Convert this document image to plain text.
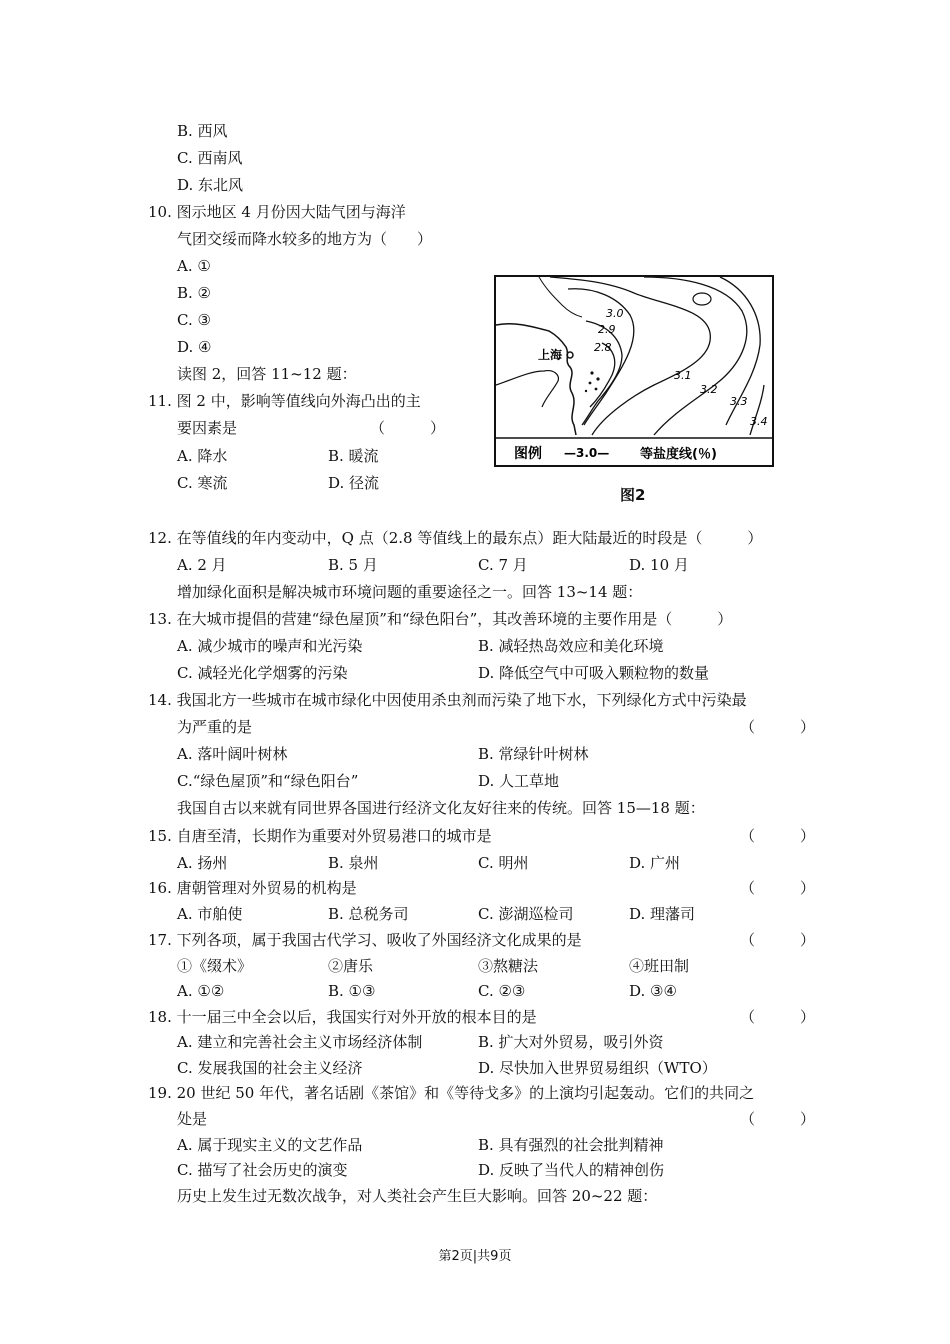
B. 西风
C. 西南风
D. 东北风
10. 图示地区 4 月份因大陆气团与海洋
气团交绥而降水较多的地方为（　　）
A. ①
B. ②
C. ③
D. ④
读图 2，回答 11~12 题：
11. 图 2 中，影响等值线向外海凸出的主
要因素是	（　　　）
A. 降水	B. 暖流
C. 寒流	D. 径流
上海
3.0
2.9
2.8
3.1
3.2
3.3
3.4
图例 —3.0— 等盐度线(％)
图2
12. 在等值线的年内变动中，Q 点（2.8 等值线上的最东点）距大陆最近的时段是（　　　）
A. 2 月	B. 5 月	C. 7 月	D. 10 月
增加绿化面积是解决城市环境问题的重要途径之一。回答 13~14 题：
13. 在大城市提倡的营建“绿色屋顶”和“绿色阳台”，其改善环境的主要作用是（　　　）
A. 减少城市的噪声和光污染	B. 减轻热岛效应和美化环境
C. 减轻光化学烟雾的污染	D. 降低空气中可吸入颗粒物的数量
14. 我国北方一些城市在城市绿化中因使用杀虫剂而污染了地下水，下列绿化方式中污染最
为严重的是	（　　　）
A. 落叶阔叶树林	B. 常绿针叶树林
C.“绿色屋顶”和“绿色阳台”	D. 人工草地
我国自古以来就有同世界各国进行经济文化友好往来的传统。回答 15—18 题：
15. 自唐至清，长期作为重要对外贸易港口的城市是	（　　　）
A. 扬州	B. 泉州	C. 明州	D. 广州
16. 唐朝管理对外贸易的机构是	（　　　）
A. 市舶使	B. 总税务司	C. 澎湖巡检司	D. 理藩司
17. 下列各项，属于我国古代学习、吸收了外国经济文化成果的是	（　　　）
①《缀术》	②唐乐	③熬糖法	④班田制
A. ①②	B. ①③	C. ②③	D. ③④
18. 十一届三中全会以后，我国实行对外开放的根本目的是	（　　　）
A. 建立和完善社会主义市场经济体制	B. 扩大对外贸易，吸引外资
C. 发展我国的社会主义经济	D. 尽快加入世界贸易组织（WTO）
19. 20 世纪 50 年代，著名话剧《茶馆》和《等待戈多》的上演均引起轰动。它们的共同之
处是	（　　　）
A. 属于现实主义的文艺作品	B. 具有强烈的社会批判精神
C. 描写了社会历史的演变	D. 反映了当代人的精神创伤
历史上发生过无数次战争，对人类社会产生巨大影响。回答 20~22 题：
第2页|共9页
